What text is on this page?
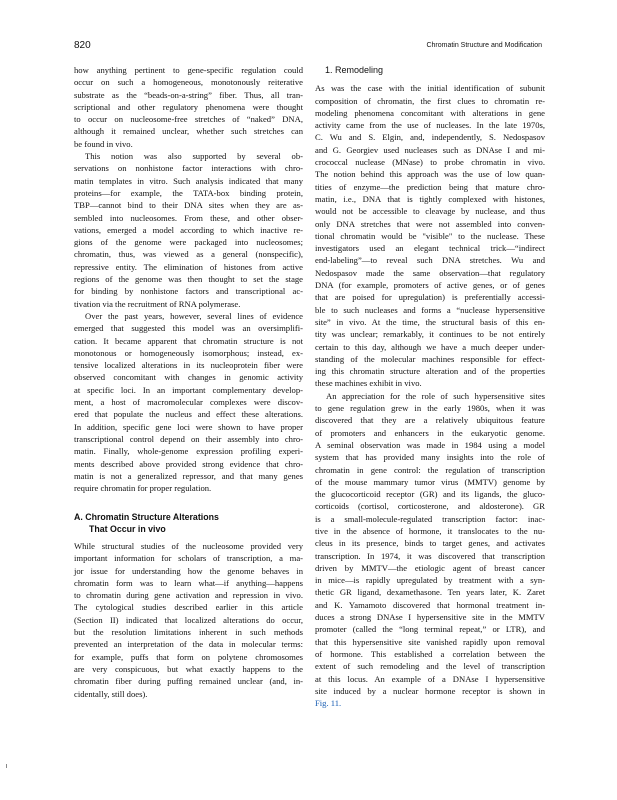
820	Chromatin Structure and Modification

how anything pertinent to gene-specific regulation could
occur on such a homogeneous, monotonously reiterative
substrate as the “beads-on-a-string” fiber. Thus, all tran-
scriptional and other regulatory phenomena were thought
to occur on nucleosome-free stretches of “naked” DNA,
although it remained unclear, whether such stretches can
be found in vivo.

This notion was also supported by several ob-
servations on nonhistone factor interactions with chro-
matin templates in vitro. Such analysis indicated that many
proteins—for example, the TATA-box binding protein,
TBP—cannot bind to their DNA sites when they are as-
sembled into nucleosomes. From these, and other obser-
vations, emerged a model according to which inactive re-
gions of the genome were packaged into nucleosomes;
chromatin, thus, was viewed as a general (nonspecific),
repressive entity. The elimination of histones from active
regions of the genome was then thought to set the stage
for binding by nonhistone factors and transcriptional ac-
tivation via the recruitment of RNA polymerase.

Over the past years, however, several lines of evidence
emerged that suggested this model was an oversimplifi-
cation. It became apparent that chromatin structure is not
monotonous or homogeneously isomorphous; instead, ex-
tensive localized alterations in its nucleoprotein fiber were
observed concomitant with changes in genomic activity
at specific loci. In an important complementary develop-
ment, a host of macromolecular complexes were discov-
ered that populate the nucleus and effect these alterations.
In addition, specific gene loci were shown to have proper
transcriptional control depend on their assembly into chro-
matin. Finally, whole-genome expression profiling experi-
ments described above provided strong evidence that chro-
matin is not a generalized repressor, and that many genes
require chromatin for proper regulation.

A. Chromatin Structure Alterations

That Occur in vivo

While structural studies of the nucleosome provided very
important information for scholars of transcription, a ma-
jor issue for understanding how the genome behaves in
chromatin form was to learn what—if anything—happens
to chromatin during gene activation and repression in vivo.
The cytological studies described earlier in this article
(Section II) indicated that localized alterations do occur,
but the resolution limitations inherent in such methods
prevented an interpretation of the data in molecular terms:
for example, puffs that form on polytene chromosomes
are very conspicuous, but what exactly happens to the
chromatin fiber during puffing remained unclear (and, in-
cidentally, still does).

1. Remodeling

As was the case with the initial identification of subunit
composition of chromatin, the first clues to chromatin re-
modeling phenomena concomitant with alterations in gene
activity came from the use of nucleases. In the late 1970s,
C. Wu and S. Elgin, and, independently, S. Nedospasov
and G. Georgiev used nucleases such as DNAse I and mi-
crococcal nuclease (MNase) to probe chromatin in vivo.
The notion behind this approach was the use of low quan-
tities of enzyme—the prediction being that mature chro-
matin, i.e., DNA that is tightly complexed with histones,
would not be accessible to cleavage by nuclease, and thus
only DNA stretches that were not assembled into conven-
tional chromatin would be "visible" to the nuclease. These
investigators used an elegant technical trick—“indirect
end-labeling”—to reveal such DNA stretches. Wu and
Nedospasov made the same observation—that regulatory
DNA (for example, promoters of active genes, or of genes
that are poised for upregulation) is preferentially accessi-
ble to such nucleases and forms a “nuclease hypersensitive
site” in vivo. At the time, the structural basis of this en-
tity was unclear; remarkably, it continues to be not entirely
certain to this day, although we have a much deeper under-
standing of the molecular machines responsible for effect-
ing this chromatin structure alteration and of the properties
these machines exhibit in vivo.

An appreciation for the role of such hypersensitive sites
to gene regulation grew in the early 1980s, when it was
discovered that they are a relatively ubiquitous feature
of promoters and enhancers in the eukaryotic genome.
A seminal observation was made in 1984 using a model
system that has provided many insights into the role of
chromatin in gene control: the regulation of transcription
of the mouse mammary tumor virus (MMTV) genome by
the glucocorticoid receptor (GR) and its ligands, the gluco-
corticoids (cortisol, corticosterone, and aldosterone). GR
is a small-molecule-regulated transcription factor: inac-
tive in the absence of hormone, it translocates to the nu-
cleus in its presence, binds to target genes, and activates
transcription. In 1974, it was discovered that transcription
driven by MMTV—the etiologic agent of breast cancer
in mice—is rapidly upregulated by treatment with a syn-
thetic GR ligand, dexamethasone. Ten years later, K. Zaret
and K. Yamamoto discovered that hormonal treatment in-
duces a strong DNAse I hypersensitive site in the MMTV
promoter (called the “long terminal repeat,” or LTR), and
that this hypersensitive site vanished rapidly upon removal
of hormone. This established a correlation between the
extent of such remodeling and the level of transcription
at this locus. An example of a DNAse I hypersensitive
site induced by a nuclear hormone receptor is shown in
Fig. 11.
